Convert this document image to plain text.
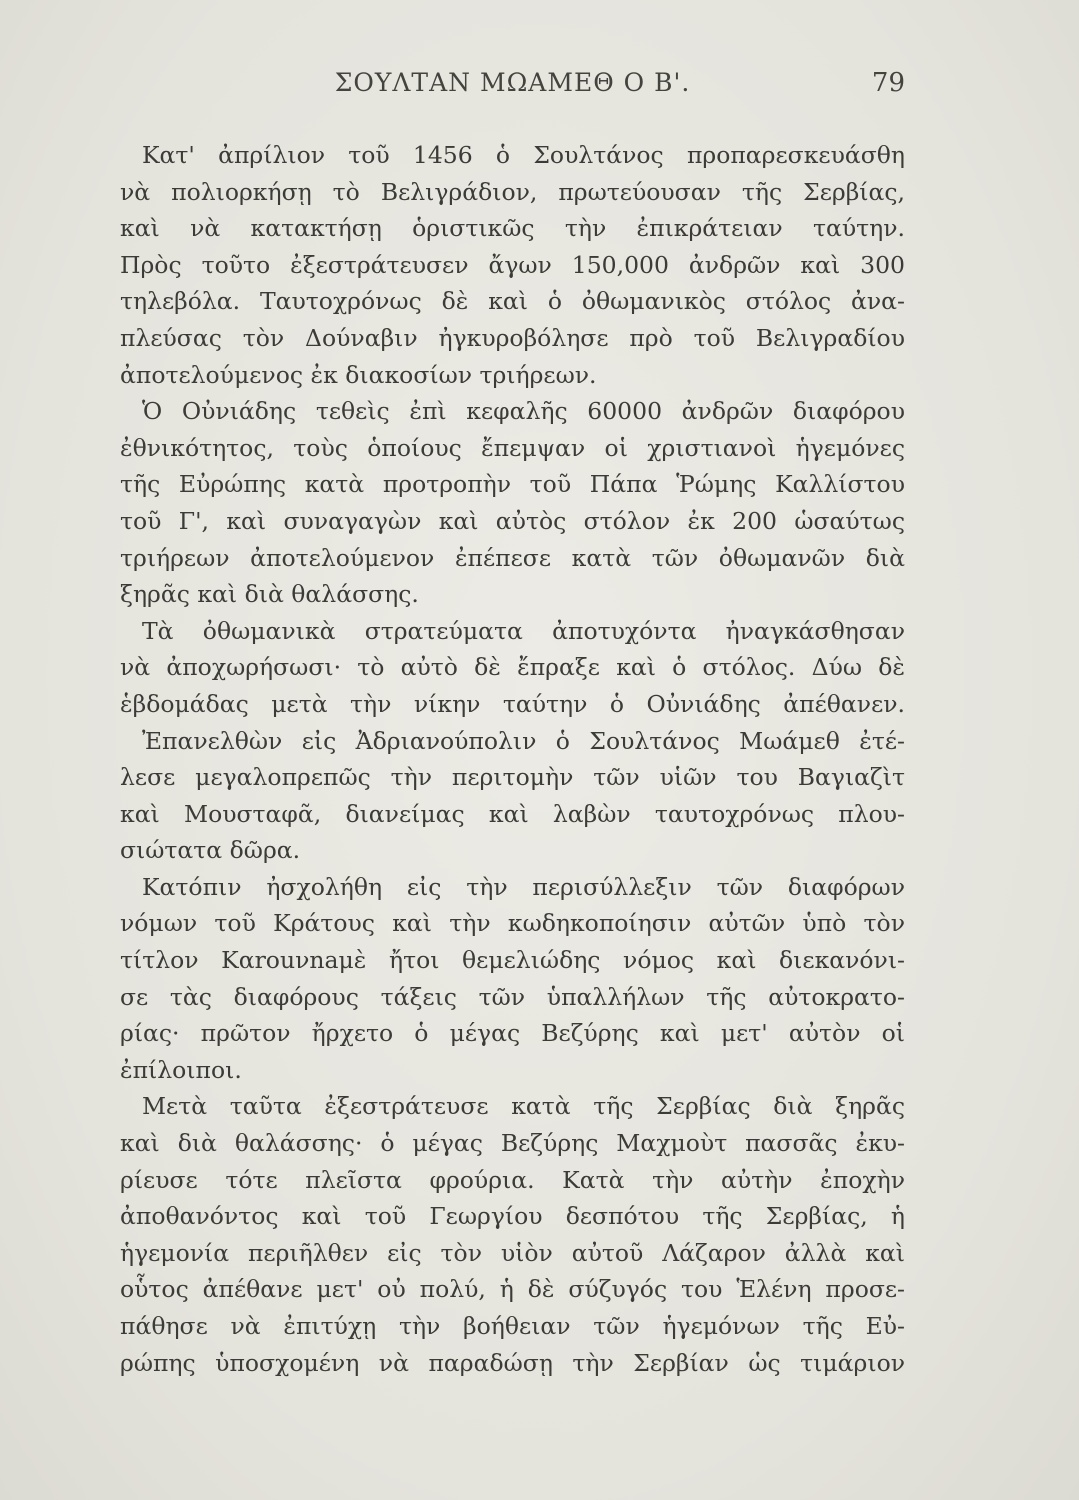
ΣΟΥΛΤΑΝ ΜΩΑΜΕΘ Ο Β'.	79
Κατ' ἀπρίλιον τοῦ 1456 ὁ Σουλτάνος προπαρεσκευάσθη
νὰ πολιορκήσῃ τὸ Βελιγράδιον, πρωτεύουσαν τῆς Σερβίας,
καὶ νὰ κατακτήσῃ ὁριστικῶς τὴν ἐπικράτειαν ταύτην.
Πρὸς τοῦτο ἐξεστράτευσεν ἄγων 150,000 ἀνδρῶν καὶ 300
τηλεβόλα. Ταυτοχρόνως δὲ καὶ ὁ ὀθωμανικὸς στόλος ἀνα-
πλεύσας τὸν Δούναβιν ἠγκυροβόλησε πρὸ τοῦ Βελιγραδίου
ἀποτελούμενος ἐκ διακοσίων τριήρεων.
Ὁ Οὐνιάδης τεθεὶς ἐπὶ κεφαλῆς 60000 ἀνδρῶν διαφόρου
ἐθνικότητος, τοὺς ὁποίους ἔπεμψαν οἱ χριστιανοὶ ἡγεμόνες
τῆς Εὐρώπης κατὰ προτροπὴν τοῦ Πάπα Ῥώμης Καλλίστου
τοῦ Γ', καὶ συναγαγὼν καὶ αὐτὸς στόλον ἐκ 200 ὡσαύτως
τριήρεων ἀποτελούμενον ἐπέπεσε κατὰ τῶν ὀθωμανῶν διὰ
ξηρᾶς καὶ διὰ θαλάσσης.
Τὰ ὀθωμανικὰ στρατεύματα ἀποτυχόντα ἠναγκάσθησαν
νὰ ἀποχωρήσωσι· τὸ αὐτὸ δὲ ἔπραξε καὶ ὁ στόλος. Δύω δὲ
ἑβδομάδας μετὰ τὴν νίκην ταύτην ὁ Οὐνιάδης ἀπέθανεν.
Ἐπανελθὼν εἰς Ἀδριανούπολιν ὁ Σουλτάνος Μωάμεθ ἐτέ-
λεσε μεγαλοπρεπῶς τὴν περιτομὴν τῶν υἱῶν του Βαγιαζὶτ
καὶ Μουσταφᾶ, διανείμας καὶ λαβὼν ταυτοχρόνως πλου-
σιώτατα δῶρα.
Κατόπιν ἠσχολήθη εἰς τὴν περισύλλεξιν τῶν διαφόρων
νόμων τοῦ Κράτους καὶ τὴν κωδηκοποίησιν αὐτῶν ὑπὸ τὸν
τίτλον Καrouνnaμὲ ἤτοι θεμελιώδης νόμος καὶ διεκανόνι-
σε τὰς διαφόρους τάξεις τῶν ὑπαλλήλων τῆς αὐτοκρατο-
ρίας· πρῶτον ἤρχετο ὁ μέγας Βεζύρης καὶ μετ' αὐτὸν οἱ
ἐπίλοιποι.
Μετὰ ταῦτα ἐξεστράτευσε κατὰ τῆς Σερβίας διὰ ξηρᾶς
καὶ διὰ θαλάσσης· ὁ μέγας Βεζύρης Μαχμοὺτ πασσᾶς ἐκυ-
ρίευσε τότε πλεῖστα φρούρια. Κατὰ τὴν αὐτὴν ἐποχὴν
ἀποθανόντος καὶ τοῦ Γεωργίου δεσπότου τῆς Σερβίας, ἡ
ἡγεμονία περιῆλθεν εἰς τὸν υἱὸν αὐτοῦ Λάζαρον ἀλλὰ καὶ
οὗτος ἀπέθανε μετ' οὐ πολύ, ἡ δὲ σύζυγός του Ἑλένη προσε-
πάθησε νὰ ἐπιτύχῃ τὴν βοήθειαν τῶν ἡγεμόνων τῆς Εὐ-
ρώπης ὑποσχομένη νὰ παραδώσῃ τὴν Σερβίαν ὡς τιμάριον
